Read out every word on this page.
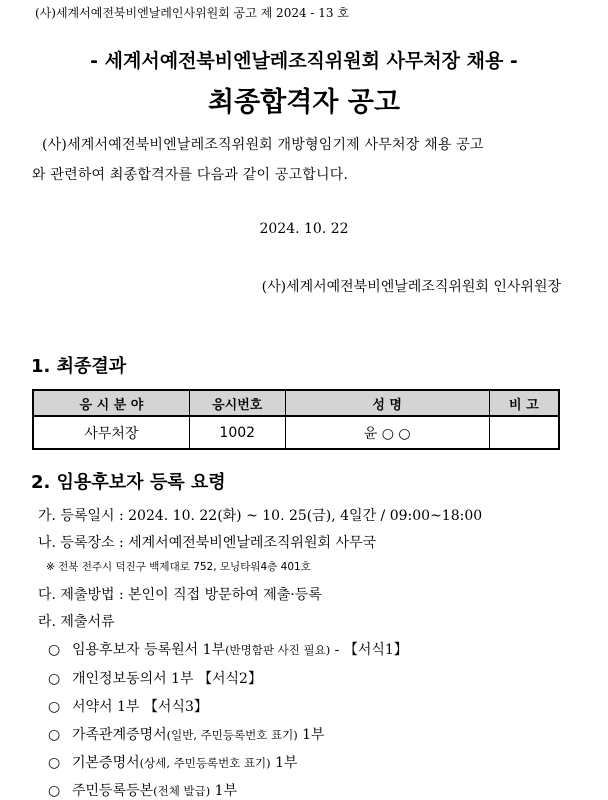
(사)세계서예전북비엔날레인사위원회 공고 제 2024 - 13 호
- 세계서예전북비엔날레조직위원회 사무처장 채용 -
최종합격자 공고
(사)세계서예전북비엔날레조직위원회 개방형임기제 사무처장 채용 공고
와 관련하여 최종합격자를 다음과 같이 공고합니다.
2024. 10. 22
(사)세계서예전북비엔날레조직위원회 인사위원장
1. 최종결과
응 시 분 야	응시번호	성 명	비 고
사무처장	1002	윤 ○ ○	
2. 임용후보자 등록 요령
가. 등록일시 : 2024. 10. 22(화) ~ 10. 25(금), 4일간 / 09:00~18:00
나. 등록장소 : 세계서예전북비엔날레조직위원회 사무국
※ 전북 전주시 덕진구 백제대로 752, 모닝타워4층 401호
다. 제출방법 : 본인이 직접 방문하여 제출·등록
라. 제출서류
○ 임용후보자 등록원서 1부(반명함판 사진 필요) - 【서식1】
○ 개인정보동의서 1부 【서식2】
○ 서약서 1부 【서식3】
○ 가족관계증명서(일반, 주민등록번호 표기) 1부
○ 기본증명서(상세, 주민등록번호 표기) 1부
○ 주민등록등본(전체 발급) 1부
